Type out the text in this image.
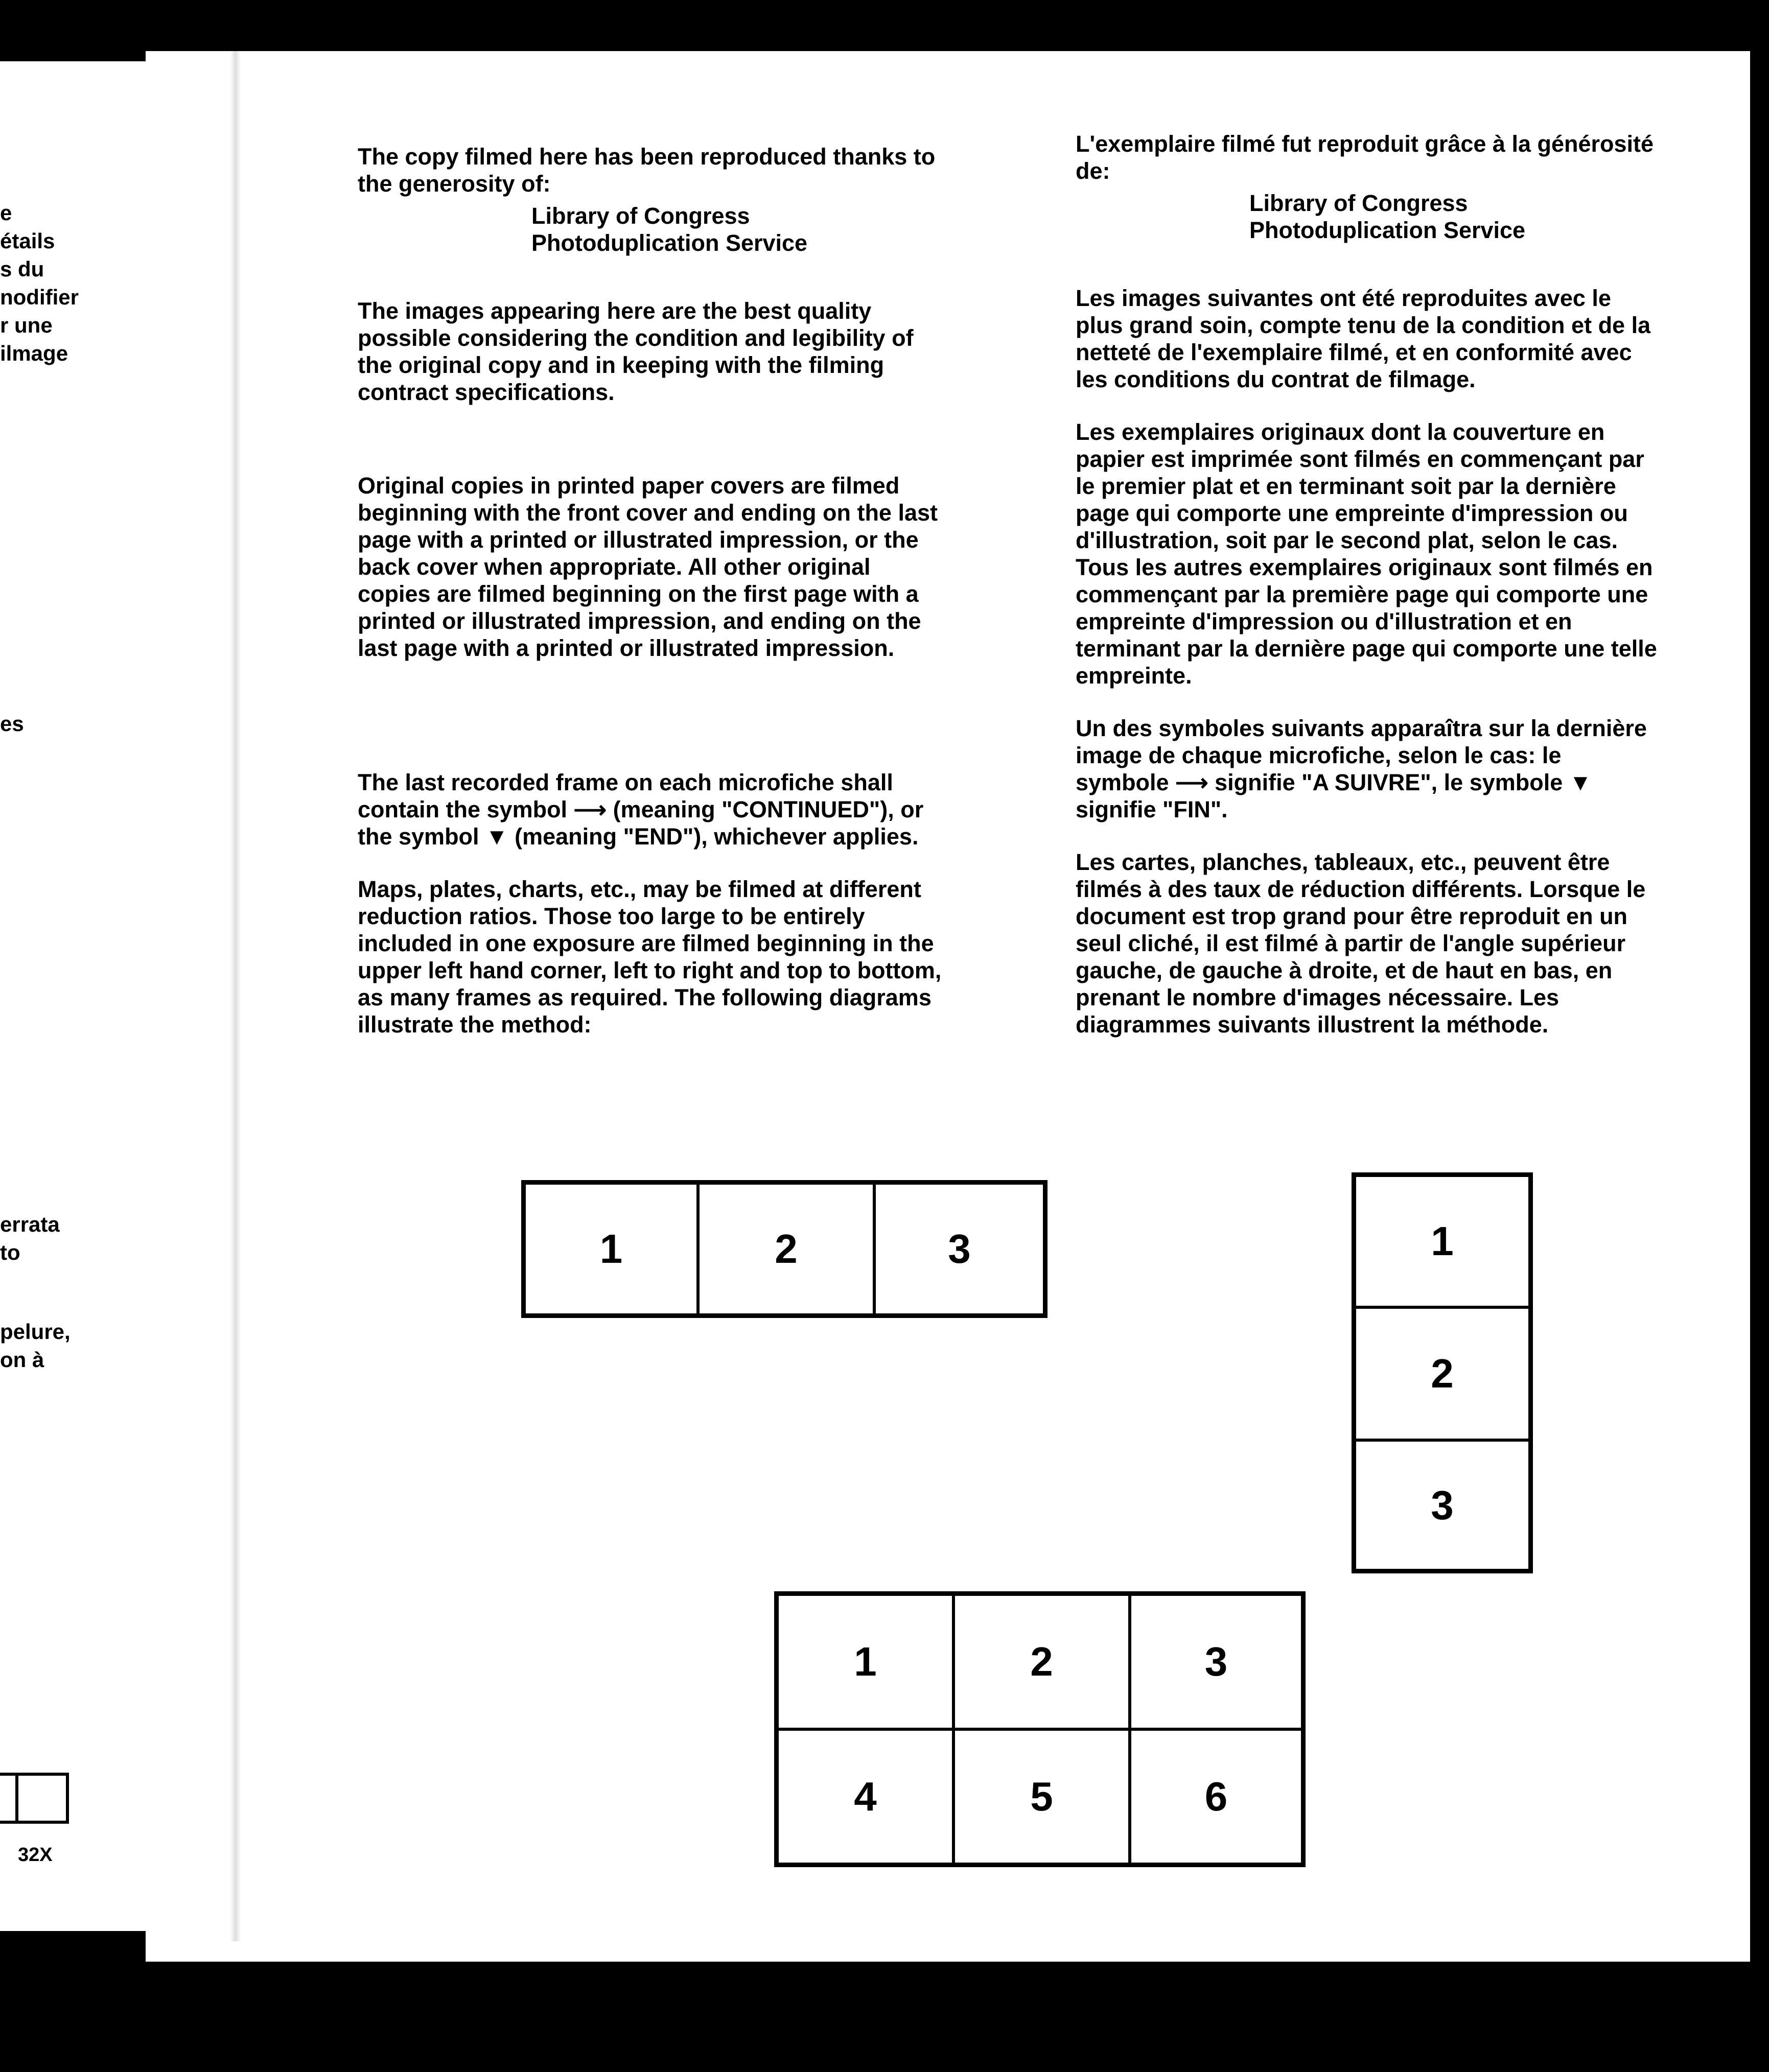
e
étails
s du
nodifier
r une
ilmage
es
errata
to
pelure,
on à
32X

The copy filmed here has been reproduced thanks to the generosity of:

Library of Congress

Photoduplication Service

The images appearing here are the best quality possible considering the condition and legibility of the original copy and in keeping with the filming contract specifications.

Original copies in printed paper covers are filmed beginning with the front cover and ending on the last page with a printed or illustrated impression, or the back cover when appropriate. All other original copies are filmed beginning on the first page with a printed or illustrated impression, and ending on the last page with a printed or illustrated impression.

The last recorded frame on each microfiche shall contain the symbol ⟶ (meaning "CONTINUED"), or the symbol ▼ (meaning "END"), whichever applies.

Maps, plates, charts, etc., may be filmed at different reduction ratios. Those too large to be entirely included in one exposure are filmed beginning in the upper left hand corner, left to right and top to bottom, as many frames as required. The following diagrams illustrate the method:

L'exemplaire filmé fut reproduit grâce à la générosité de:

Library of Congress

Photoduplication Service

Les images suivantes ont été reproduites avec le plus grand soin, compte tenu de la condition et de la netteté de l'exemplaire filmé, et en conformité avec les conditions du contrat de filmage.

Les exemplaires originaux dont la couverture en papier est imprimée sont filmés en commençant par le premier plat et en terminant soit par la dernière page qui comporte une empreinte d'impression ou d'illustration, soit par le second plat, selon le cas. Tous les autres exemplaires originaux sont filmés en commençant par la première page qui comporte une empreinte d'impression ou d'illustration et en terminant par la dernière page qui comporte une telle empreinte.

Un des symboles suivants apparaîtra sur la dernière image de chaque microfiche, selon le cas: le symbole ⟶ signifie "A SUIVRE", le symbole ▼ signifie "FIN".

Les cartes, planches, tableaux, etc., peuvent être filmés à des taux de réduction différents. Lorsque le document est trop grand pour être reproduit en un seul cliché, il est filmé à partir de l'angle supérieur gauche, de gauche à droite, et de haut en bas, en prenant le nombre d'images nécessaire. Les diagrammes suivants illustrent la méthode.

1	2	3	1
2
3
1	2	3
4	5	6
